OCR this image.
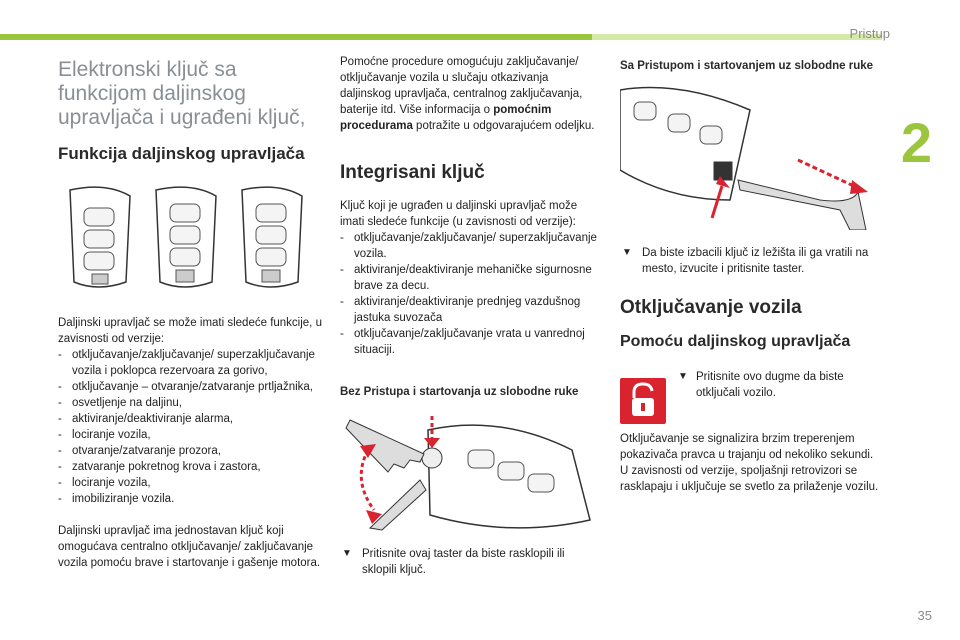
Pristup
2
35
Elektronski ključ sa funkcijom daljinskog upravljača i ugrađeni ključ,
Funkcija daljinskog upravljača
Daljinski upravljač se može imati sledeće funkcije, u zavisnosti od verzije:
- otključavanje/zaključavanje/ superzaključavanje vozila i poklopca rezervoara za gorivo,
- otključavanje – otvaranje/zatvaranje prtljažnika,
- osvetljenje na daljinu,
- aktiviranje/deaktiviranje alarma,
- lociranje vozila,
- otvaranje/zatvaranje prozora,
- zatvaranje pokretnog krova i zastora,
- lociranje vozila,
- imobiliziranje vozila.
Daljinski upravljač ima jednostavan ključ koji omogućava centralno otključavanje/ zaključavanje vozila pomoću brave i startovanje i gašenje motora.
Pomoćne procedure omogućuju zaključavanje/ otključavanje vozila u slučaju otkazivanja daljinskog upravljača, centralnog zaključavanja, baterije itd. Više informacija o pomoćnim procedurama potražite u odgovarajućem odeljku.
Integrisani ključ
Ključ koji je ugrađen u daljinski upravljač može imati sledeće funkcije (u zavisnosti od verzije):
- otključavanje/zaključavanje/ superzaključavanje vozila.
- aktiviranje/deaktiviranje mehaničke sigurnosne brave za decu.
- aktiviranje/deaktiviranje prednjeg vazdušnog jastuka suvozača
- otključavanje/zaključavanje vrata u vanrednoj situaciji.
Bez Pristupa i startovanja uz slobodne ruke
▼ Pritisnite ovaj taster da biste rasklopili ili sklopili ključ.
Sa Pristupom i startovanjem uz slobodne ruke
▼ Da biste izbacili ključ iz ležišta ili ga vratili na mesto, izvucite i pritisnite taster.
Otključavanje vozila
Pomoću daljinskog upravljača
▼ Pritisnite ovo dugme da biste otključali vozilo.
Otključavanje se signalizira brzim treperenjem pokazivača pravca u trajanju od nekoliko sekundi. U zavisnosti od verzije, spoljašnji retrovizori se rasklapaju i uključuje se svetlo za prilaženje vozilu.
